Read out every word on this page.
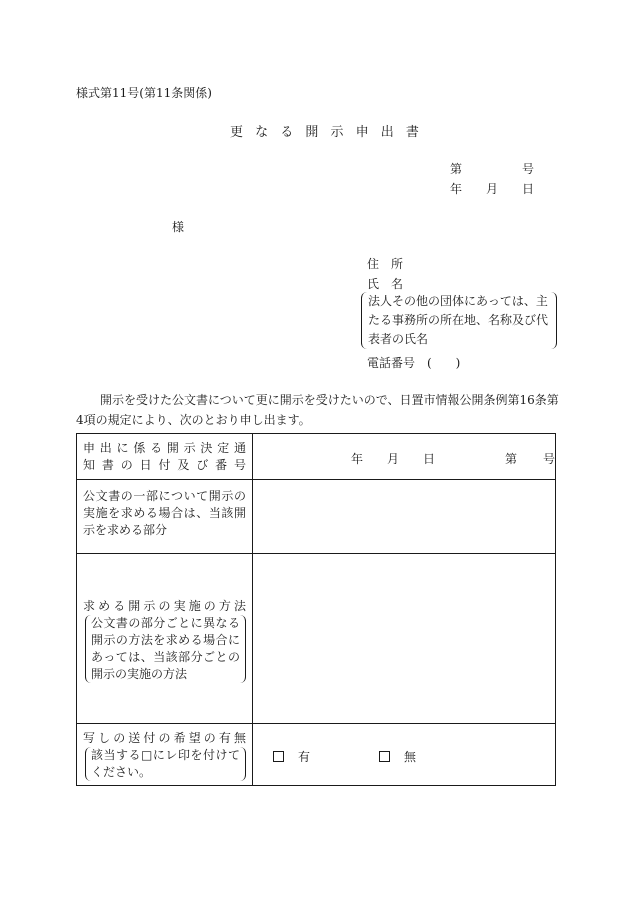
様式第11号(第11条関係)
更 な る 開 示 申 出 書
第	号
年 月 日
様
住　所
氏　名
法人その他の団体にあっては、主たる事務所の所在地、名称及び代表者の氏名
電話番号　(　　)
開示を受けた公文書について更に開示を受けたいので、日置市情報公開条例第16条第4項の規定により、次のとおり申し出ます。
申出に係る開示決定通
知 書 の 日 付 及 び 番 号	年 月 日 第 号

公文書の一部について開示の実施を求める場合は、当該開示を求める部分	

求める開示の実施の方法
公文書の部分ごとに異なる開示の方法を求める場合にあっては、当該部分ごとの開示の実施の方法	

写しの送付の希望の有無
該当する□にレ印を付けてください。	有 無
